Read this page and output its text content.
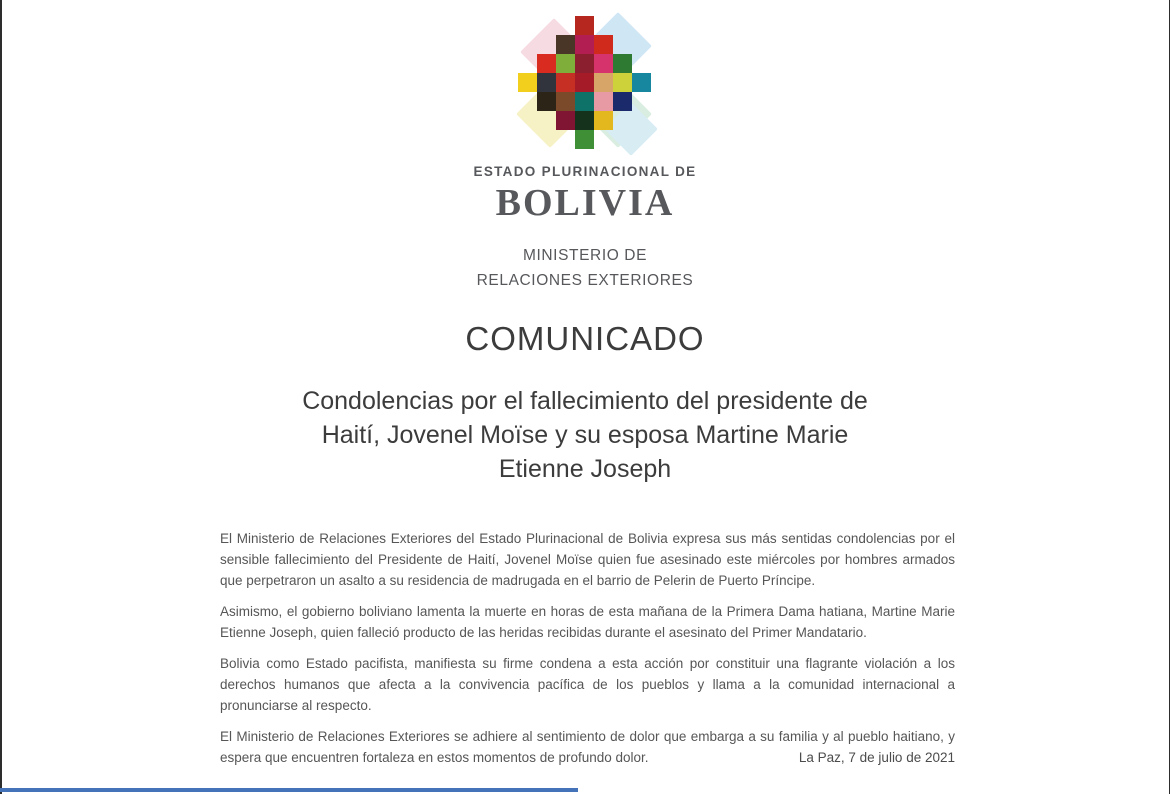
ESTADO PLURINACIONAL DE
BOLIVIA
MINISTERIO DE
RELACIONES EXTERIORES
COMUNICADO
Condolencias por el fallecimiento del presidente de
Haití, Jovenel Moïse y su esposa Martine Marie
Etienne Joseph

El Ministerio de Relaciones Exteriores del Estado Plurinacional de Bolivia expresa sus más sentidas condolencias por el sensible fallecimiento del Presidente de Haití, Jovenel Moïse quien fue asesinado este miércoles por hombres armados que perpetraron un asalto a su residencia de madrugada en el barrio de Pelerin de Puerto Príncipe.

Asimismo, el gobierno boliviano lamenta la muerte en horas de esta mañana de la Primera Dama hatiana, Martine Marie Etienne Joseph, quien falleció producto de las heridas recibidas durante el asesinato del Primer Mandatario.

Bolivia como Estado pacifista, manifiesta su firme condena a esta acción por constituir una flagrante violación a los derechos humanos que afecta a la convivencia pacífica de los pueblos y llama a la comunidad internacional a pronunciarse al respecto.

El Ministerio de Relaciones Exteriores se adhiere al sentimiento de dolor que embarga a su familia y al pueblo haitiano, y espera que encuentren fortaleza en estos momentos de profundo dolor.	La Paz, 7 de julio de 2021
